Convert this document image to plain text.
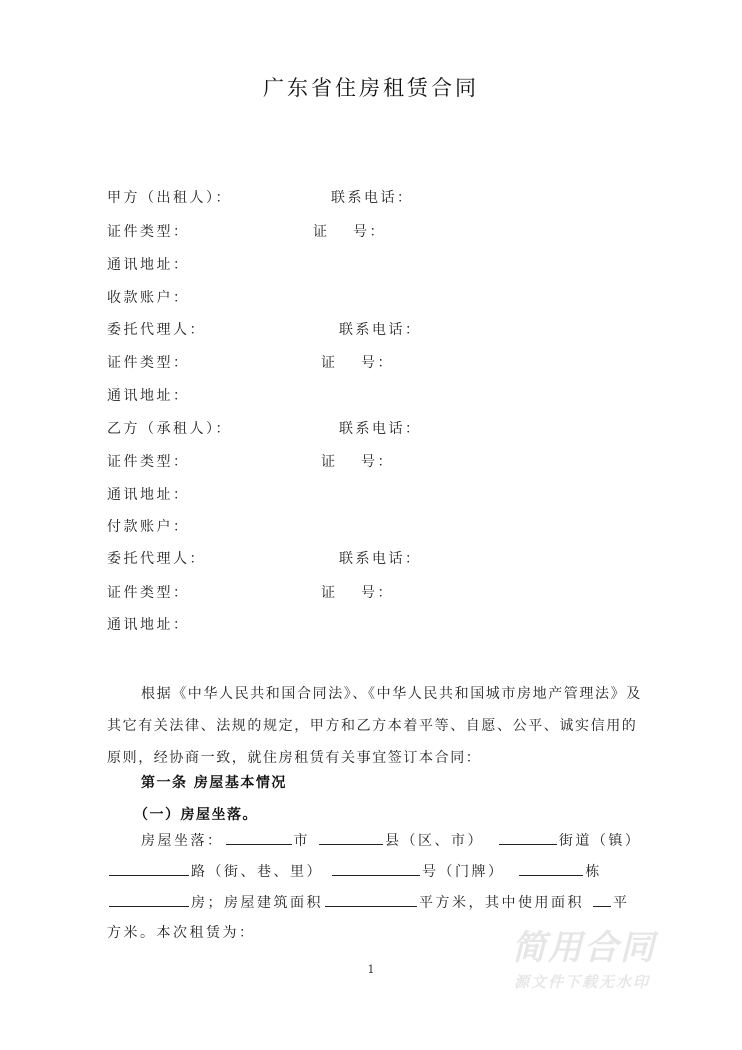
广东省住房租赁合同
甲方（出租人）：	联系电话：
证件类型：	证　 号：
通讯地址：
收款账户：
委托代理人：	联系电话：
证件类型：	证　 号：
通讯地址：
乙方（承租人）：	联系电话：
证件类型：	证　 号：
通讯地址：
付款账户：
委托代理人：	联系电话：
证件类型：	证　 号：
通讯地址：
根据《中华人民共和国合同法》、《中华人民共和国城市房地产管理法》及其它有关法律、法规的规定，甲方和乙方本着平等、自愿、公平、诚实信用的原则，经协商一致，就住房租赁有关事宜签订本合同：
第一条 房屋基本情况
（一）房屋坐落。
房屋坐落：	市	县（区、市）	街道（镇）
路（街、巷、里）	号（门牌）	栋
房；房屋建筑面积	平方米，其中使用面积 平
方米。本次租赁为：
1
简用合同
源文件下载无水印
